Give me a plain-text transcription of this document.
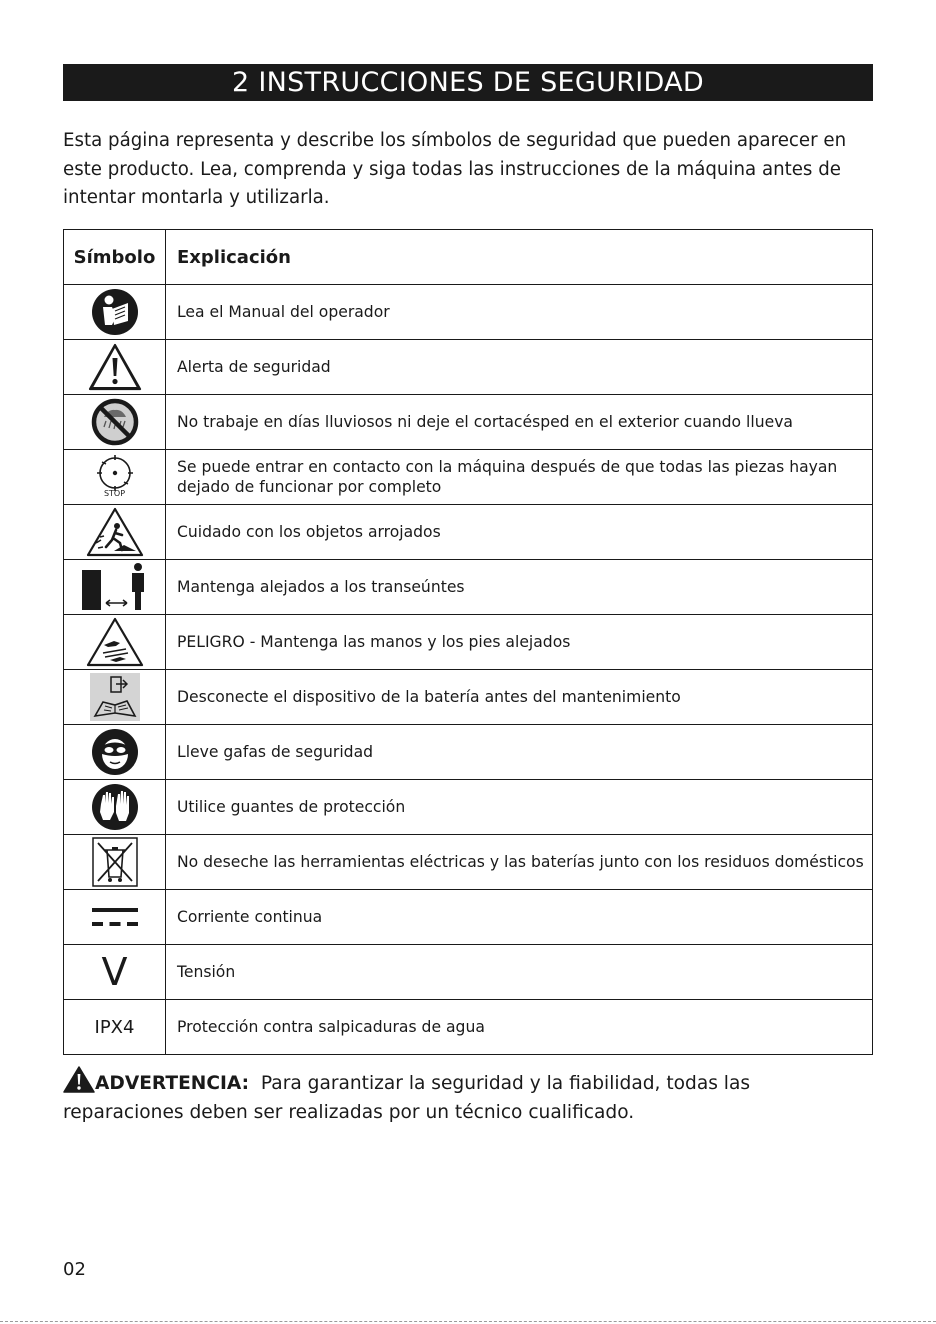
2 INSTRUCCIONES DE SEGURIDAD

Esta página representa y describe los símbolos de seguridad que pueden aparecer en este producto. Lea, comprenda y siga todas las instrucciones de la máquina antes de intentar montarla y utilizarla.

Símbolo	Explicación

	Lea el Manual del operador

	Alerta de seguridad

	No trabaje en días lluviosos ni deje el cortacésped en el exterior cuando llueva

STOP	Se puede entrar en contacto con la máquina después de que todas las piezas hayan dejado de funcionar por completo

	Cuidado con los objetos arrojados

	Mantenga alejados a los transeúntes

	PELIGRO - Mantenga las manos y los pies alejados

	Desconecte el dispositivo de la batería antes del mantenimiento

	Lleve gafas de seguridad

	Utilice guantes de protección

	No deseche las herramientas eléctricas y las baterías junto con los residuos domésticos

	Corriente continua

V	Tensión

IPX4	Protección contra salpicaduras de agua

ADVERTENCIA: Para garantizar la seguridad y la fiabilidad, todas las reparaciones deben ser realizadas por un técnico cualificado.

02
